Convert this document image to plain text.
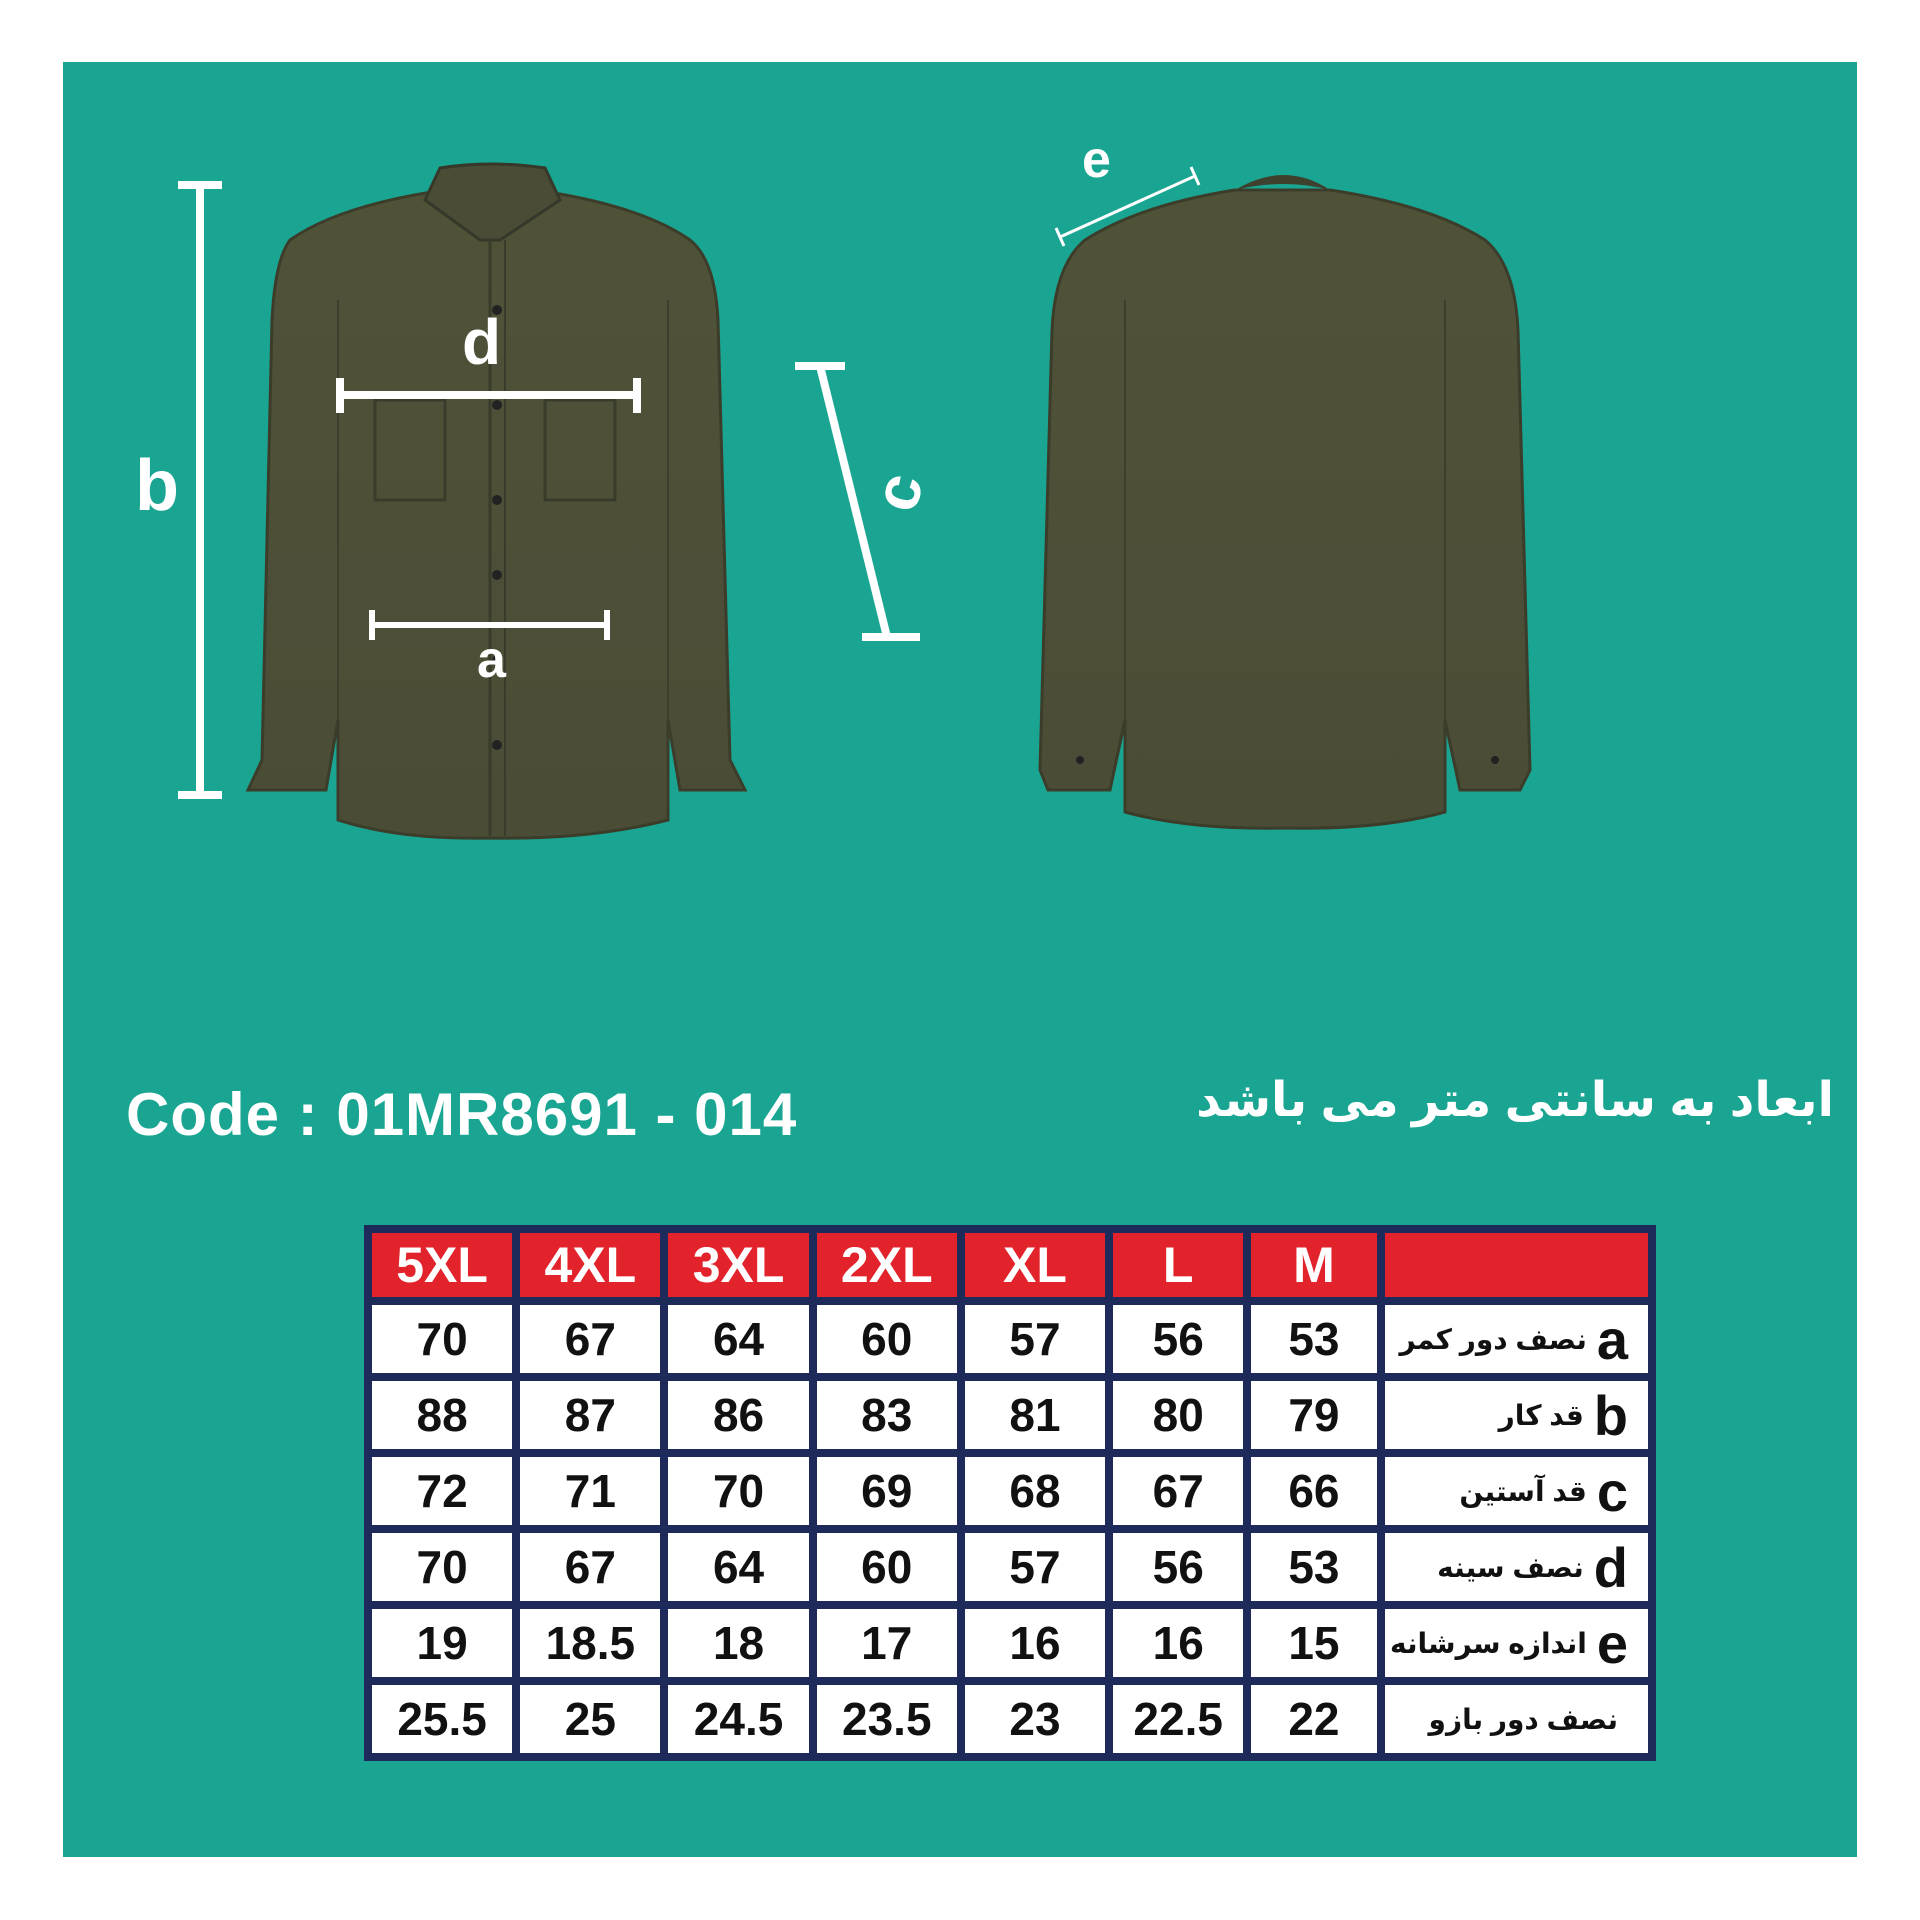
e
d
b	c
a
Code : 01MR8691 - 014	ابعاد به سانتی متر می باشد
5XL	4XL	3XL	2XL	XL	L	M	
70	67	64	60	57	56	53	نصف دور کمر a
88	87	86	83	81	80	79	قد کار b
72	71	70	69	68	67	66	قد آستین c
70	67	64	60	57	56	53	نصف سینه d
19	18.5	18	17	16	16	15	اندازه سرشانه e
25.5	25	24.5	23.5	23	22.5	22	نصف دور بازو
